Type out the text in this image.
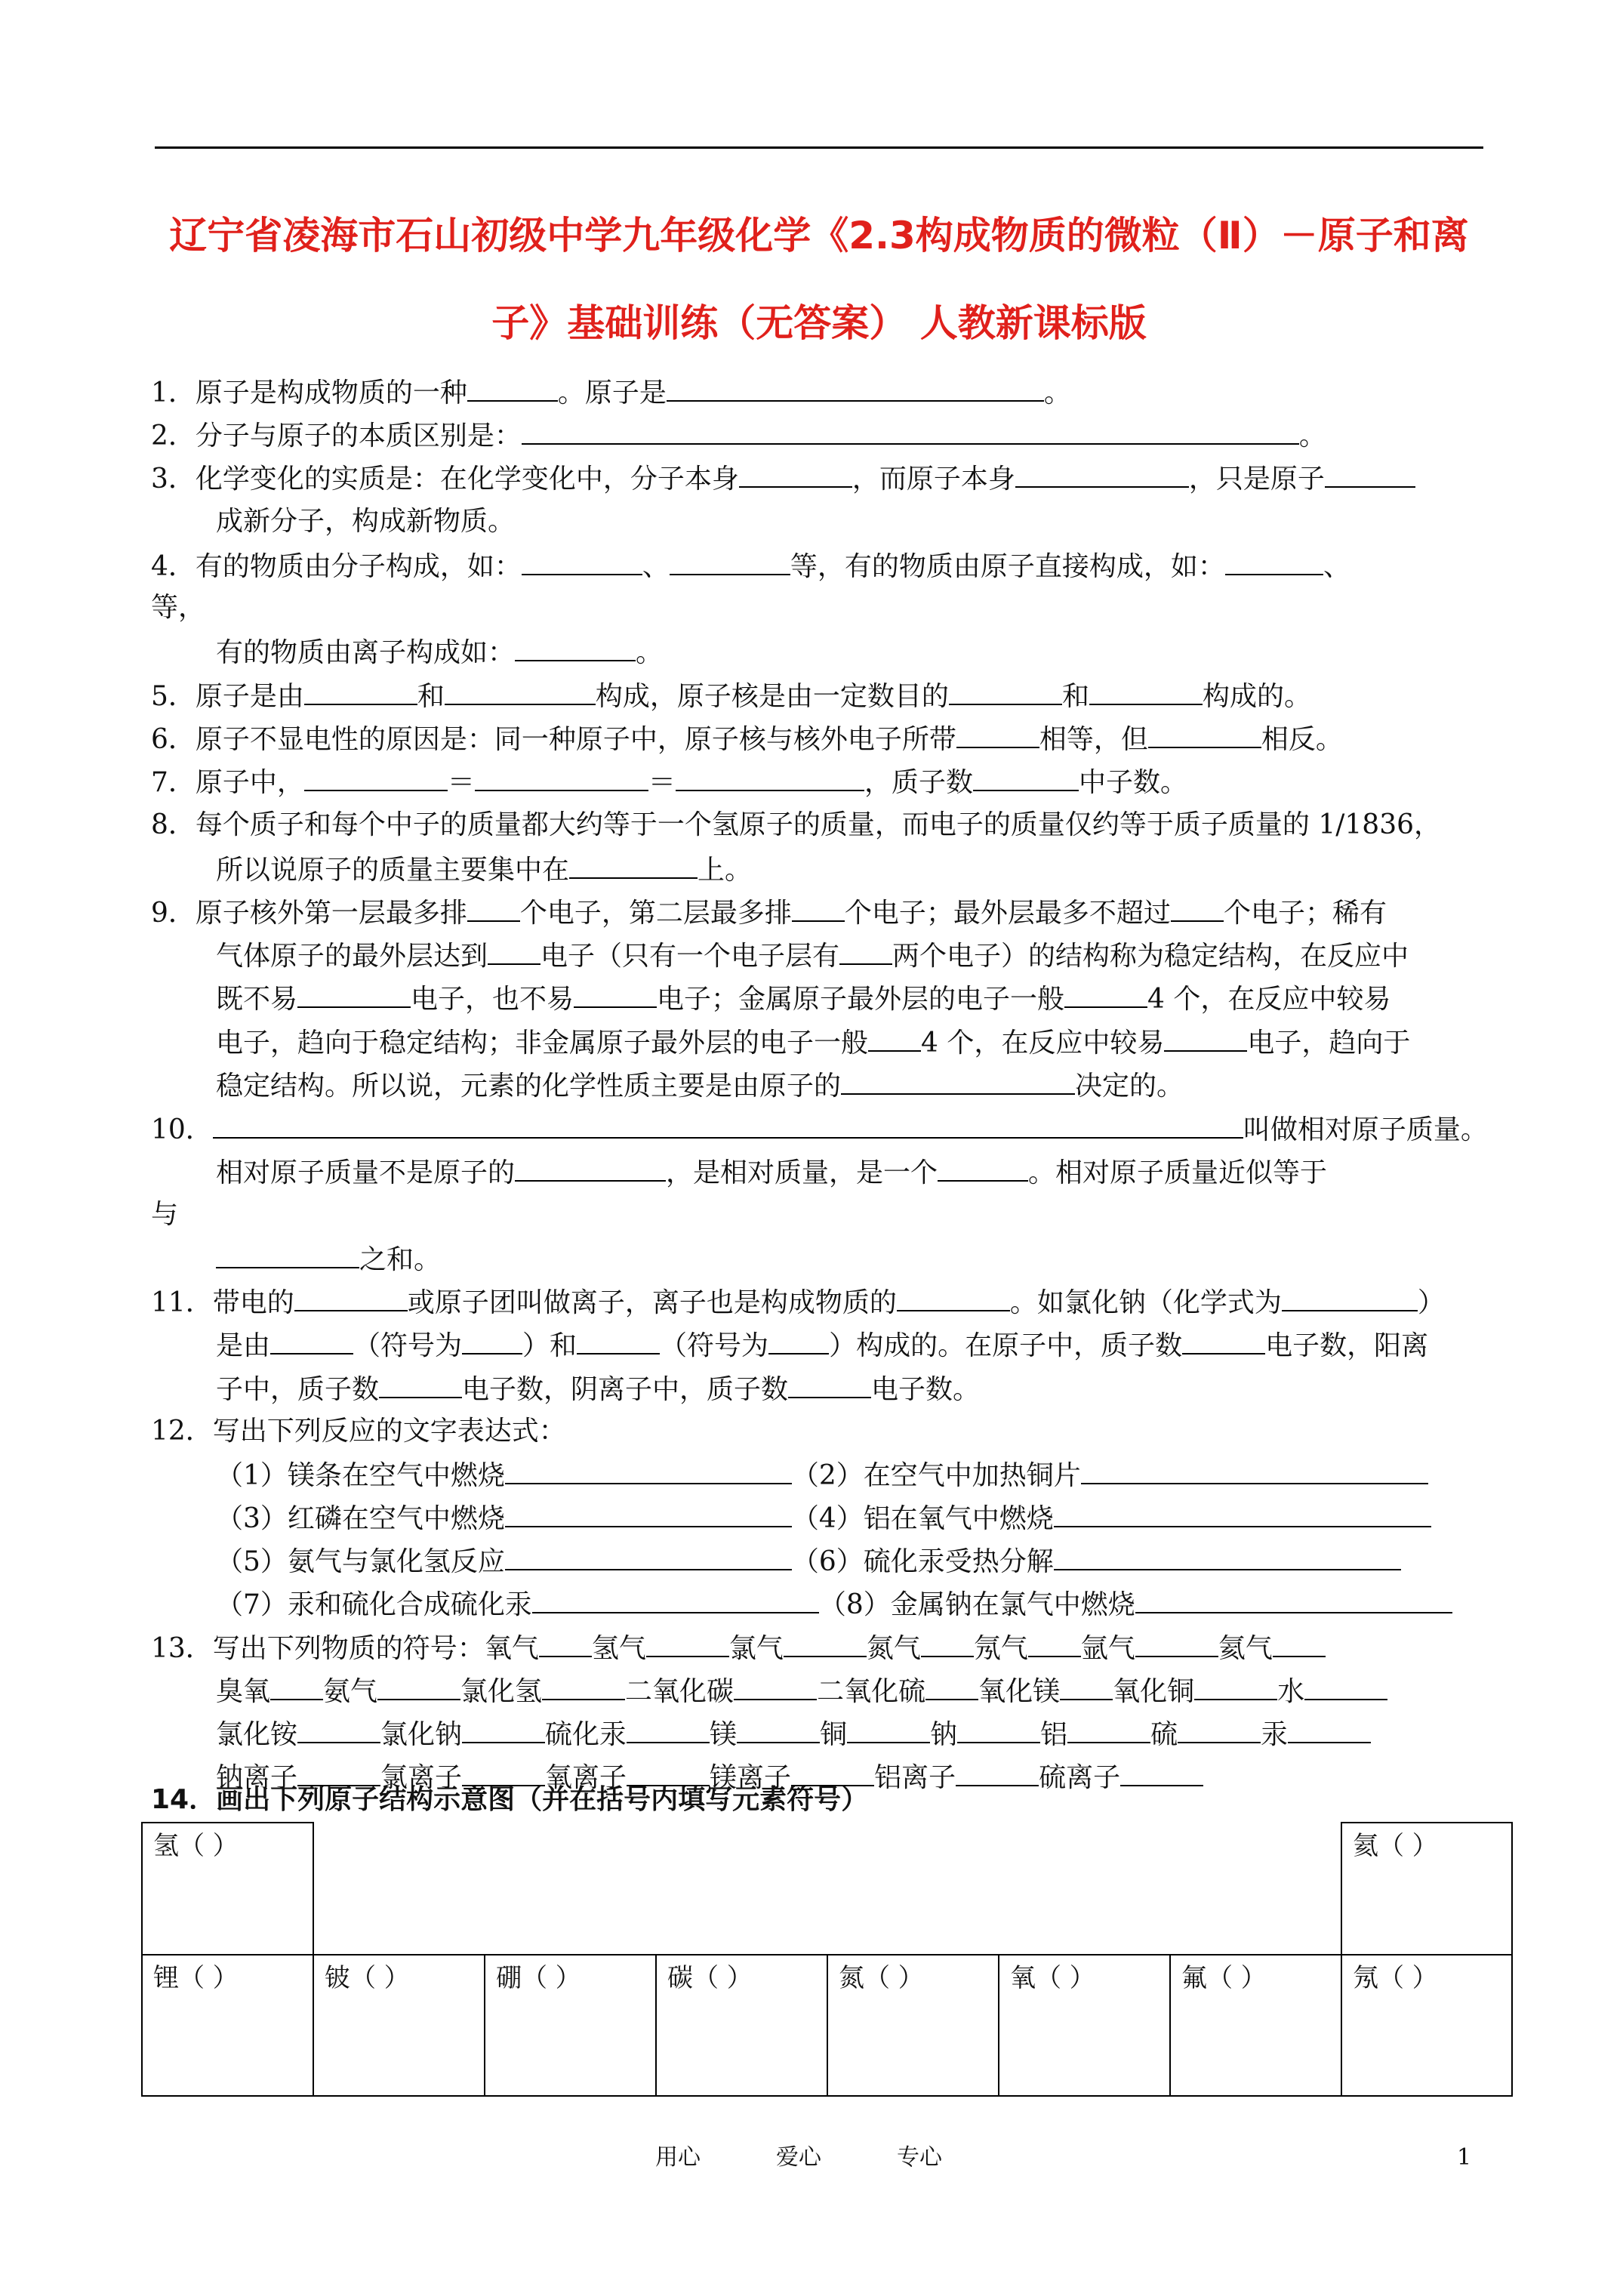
辽宁省凌海市石山初级中学九年级化学《2.3构成物质的微粒（Ⅱ）－原子和离
子》基础训练（无答案） 人教新课标版
1．原子是构成物质的一种	。原子是	。
2．分子与原子的本质区别是：	。
3．化学变化的实质是：在化学变化中，分子本身	，而原子本身	，只是原子
成新分子，构成新物质。
4．有的物质由分子构成，如：	、	等，有的物质由原子直接构成，如：	、
等，
有的物质由离子构成如：	。
5．原子是由	和	构成，原子核是由一定数目的	和	构成的。
6．原子不显电性的原因是：同一种原子中，原子核与核外电子所带	相等，但	相反。
7．原子中，	＝	＝	，质子数	中子数。
8．每个质子和每个中子的质量都大约等于一个氢原子的质量，而电子的质量仅约等于质子质量的 1/1836，
所以说原子的质量主要集中在	上。
9．原子核外第一层最多排 个电子，第二层最多排 个电子；最外层最多不超过 个电子；稀有
气体原子的最外层达到 电子（只有一个电子层有 两个电子）的结构称为稳定结构，在反应中
既不易	电子，也不易	电子；金属原子最外层的电子一般	4 个，在反应中较易
电子，趋向于稳定结构；非金属原子最外层的电子一般 4 个，在反应中较易	电子，趋向于
稳定结构。所以说，元素的化学性质主要是由原子的	决定的。
10．	叫做相对原子质量。
相对原子质量不是原子的	，是相对质量，是一个	。相对原子质量近似等于
与
之和。
11．带电的	或原子团叫做离子，离子也是构成物质的	。如氯化钠（化学式为	）
是由	（符号为 ）和	（符号为 ）构成的。在原子中，质子数	电子数，阳离
子中，质子数	电子数，阴离子中，质子数	电子数。
12．写出下列反应的文字表达式：
（1）镁条在空气中燃烧	（2）在空气中加热铜片
（3）红磷在空气中燃烧	（4）铝在氧气中燃烧
（5）氨气与氯化氢反应	（6）硫化汞受热分解
（7）汞和硫化合成硫化汞	（8）金属钠在氯气中燃烧
13．写出下列物质的符号：氧气 氢气	氯气	氮气 氖气 氩气	氦气
臭氧 氨气	氯化氢	二氧化碳	二氧化硫 氧化镁 氧化铜	水
氯化铵	氯化钠	硫化汞	镁	铜	钠	铝	硫	汞
钠离子	氯离子	氧离子	镁离子	铝离子	硫离子
14．画出下列原子结构示意图（并在括号内填写元素符号）
氢（ ）							氦（ ）
锂（ ）	铍（ ）	硼（ ）	碳（ ）	氮（ ）	氧（ ）	氟（ ）	氖（ ）
用心	爱心	专心	1
